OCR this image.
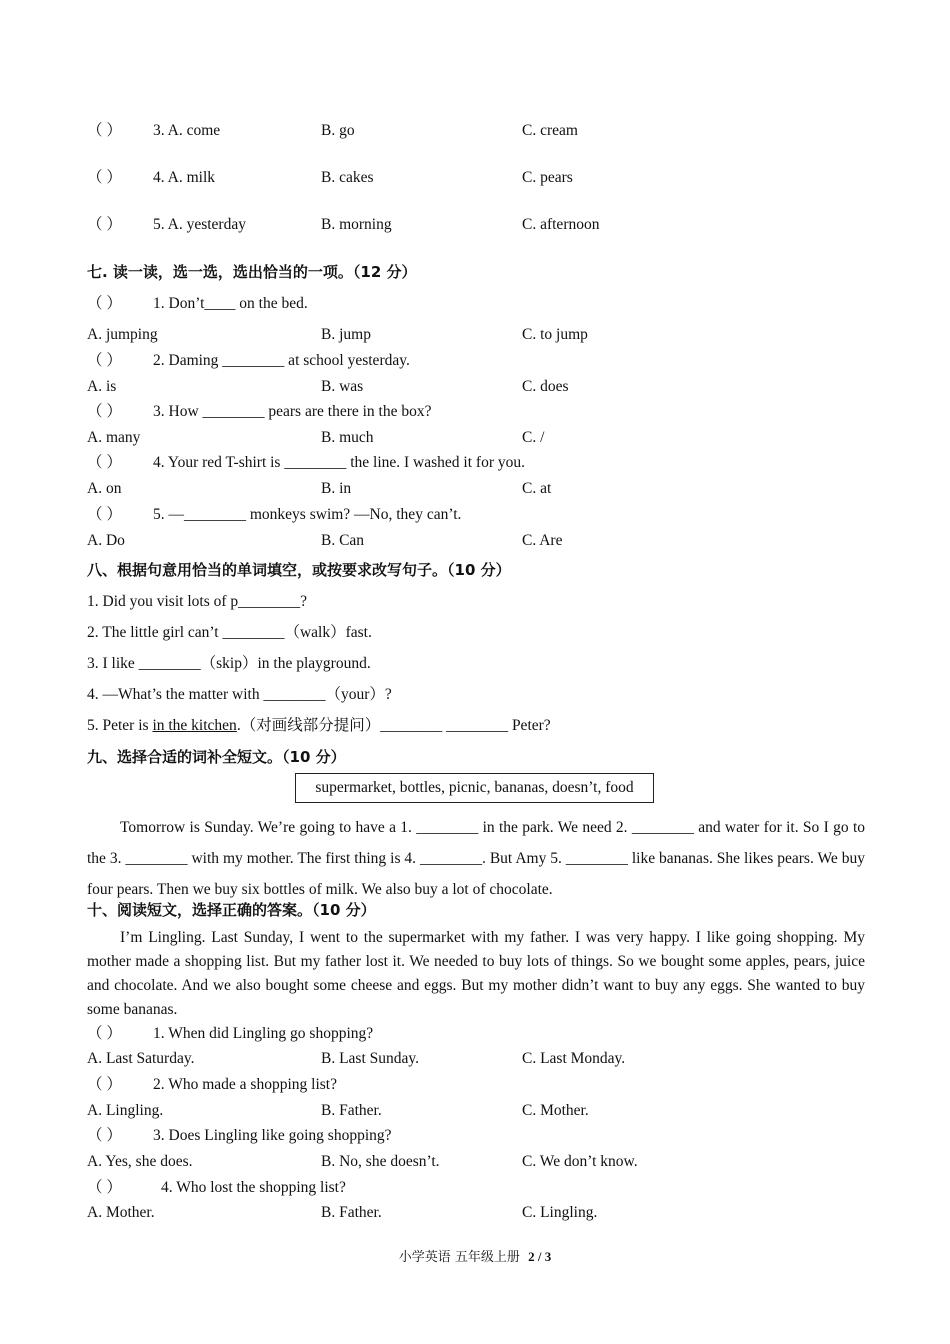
（ ） 3. A. come	B. go	C. cream
（ ） 4. A. milk	B. cakes	C. pears
（ ） 5. A. yesterday	B. morning	C. afternoon
七. 读一读，选一选，选出恰当的一项。（12 分）
（ ） 1. Don’t____ on the bed.
A. jumping	B. jump	C. to jump
（ ） 2. Daming ________ at school yesterday.
A. is	B. was	C. does
（ ） 3. How ________ pears are there in the box?
A. many	B. much	C. /
（ ） 4. Your red T-shirt is ________ the line. I washed it for you.
A. on	B. in	C. at
（ ） 5. —________ monkeys swim? —No, they can’t.
A. Do	B. Can	C. Are
八、根据句意用恰当的单词填空，或按要求改写句子。（10 分）
1. Did you visit lots of p________?
2. The little girl can’t ________（walk）fast.
3. I like ________（skip）in the playground.
4. —What’s the matter with ________（your）?
5. Peter is in the kitchen.（对画线部分提问）________ ________ Peter?
九、选择合适的词补全短文。（10 分）
supermarket, bottles, picnic, bananas, doesn’t, food

Tomorrow is Sunday. We’re going to have a 1. ________ in the park. We need 2. ________ and water for it. So I go to the 3. ________ with my mother. The first thing is 4. ________. But Amy 5. ________ like bananas. She likes pears. We buy four pears. Then we buy six bottles of milk. We also buy a lot of chocolate.

十、阅读短文，选择正确的答案。（10 分）

I’m Lingling. Last Sunday, I went to the supermarket with my father. I was very happy. I like going shopping. My mother made a shopping list. But my father lost it. We needed to buy lots of things. So we bought some apples, pears, juice and chocolate. And we also bought some cheese and eggs. But my mother didn’t want to buy any eggs. She wanted to buy some bananas.

（ ） 1. When did Lingling go shopping?
A. Last Saturday.	B. Last Sunday.	C. Last Monday.
（ ） 2. Who made a shopping list?
A. Lingling.	B. Father.	C. Mother.
（ ） 3. Does Lingling like going shopping?
A. Yes, she does.	B. No, she doesn’t.	C. We don’t know.
（ ）	4. Who lost the shopping list?
A. Mother.	B. Father.	C. Lingling.
小学英语 五年级上册 2 / 3
